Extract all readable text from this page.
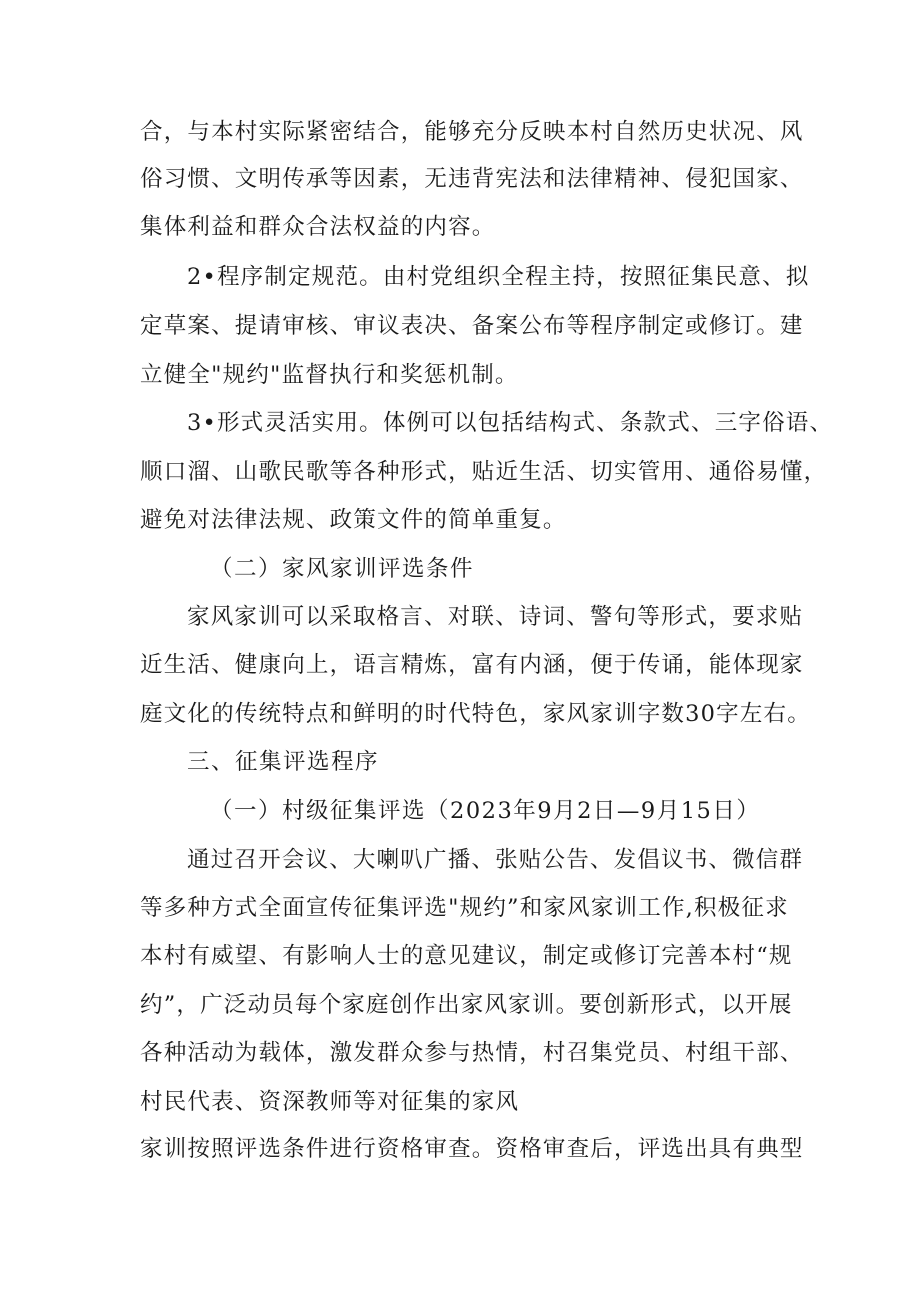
合，与本村实际紧密结合，能够充分反映本村自然历史状况、风
俗习惯、文明传承等因素，无违背宪法和法律精神、侵犯国家、
集体利益和群众合法权益的内容。
2•程序制定规范。由村党组织全程主持，按照征集民意、拟
定草案、提请审核、审议表决、备案公布等程序制定或修订。建
立健全"规约"监督执行和奖惩机制。
3•形式灵活实用。体例可以包括结构式、条款式、三字俗语、
顺口溜、山歌民歌等各种形式，贴近生活、切实管用、通俗易懂，
避免对法律法规、政策文件的简单重复。
（二）家风家训评选条件
家风家训可以采取格言、对联、诗词、警句等形式，要求贴
近生活、健康向上，语言精炼，富有内涵，便于传诵，能体现家
庭文化的传统特点和鲜明的时代特色，家风家训字数30字左右。
三、征集评选程序
（一）村级征集评选（2023年9月2日—9月15日）
通过召开会议、大喇叭广播、张贴公告、发倡议书、微信群
等多种方式全面宣传征集评选"规约”和家风家训工作,积极征求
本村有威望、有影响人士的意见建议，制定或修订完善本村“规
约”，广泛动员每个家庭创作出家风家训。要创新形式，以开展
各种活动为载体，激发群众参与热情，村召集党员、村组干部、
村民代表、资深教师等对征集的家风
家训按照评选条件进行资格审查。资格审查后，评选出具有典型
